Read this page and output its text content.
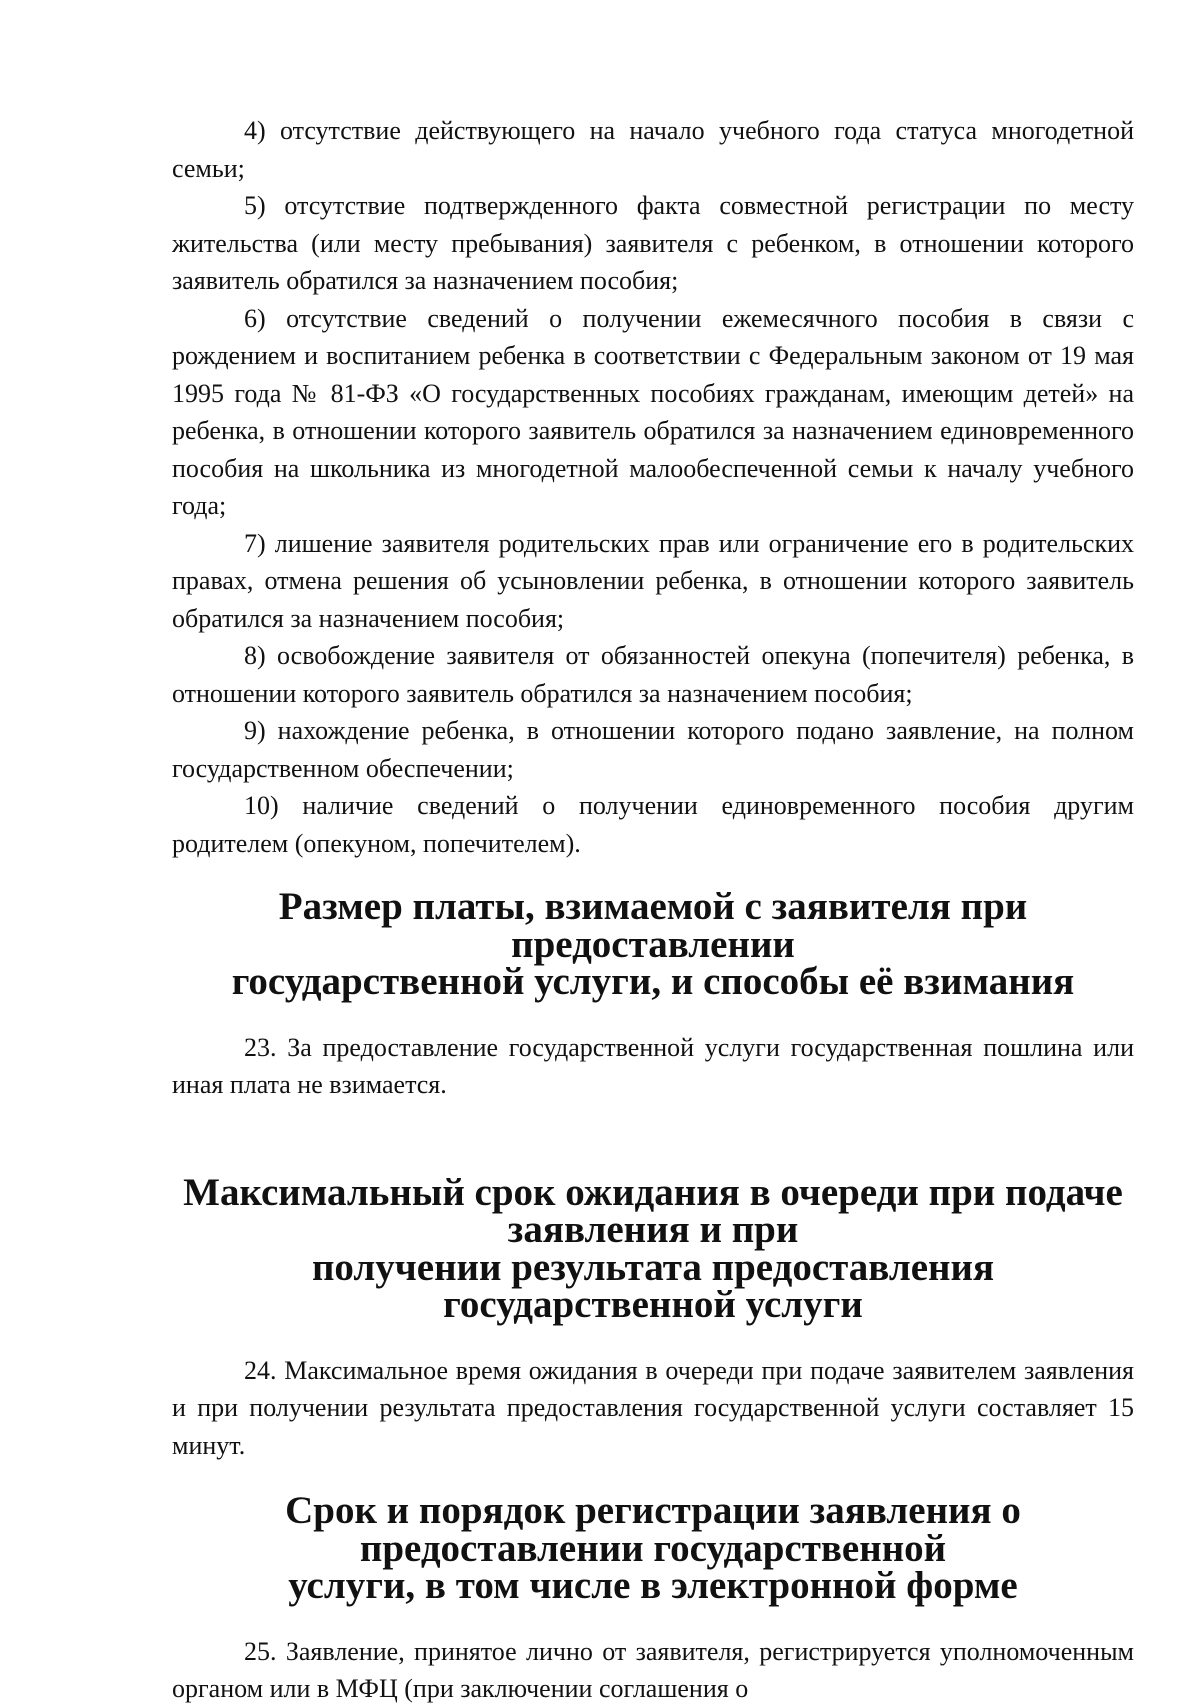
4) отсутствие действующего на начало учебного года статуса многодетной семьи;

5) отсутствие подтвержденного факта совместной регистрации по месту жительства (или месту пребывания) заявителя с ребенком, в отношении которого заявитель обратился за назначением пособия;

6) отсутствие сведений о получении ежемесячного пособия в связи с рождением и воспитанием ребенка в соответствии с Федеральным законом от 19 мая 1995 года № 81-ФЗ «О государственных пособиях гражданам, имеющим детей» на ребенка, в отношении которого заявитель обратился за назначением единовременного пособия на школьника из многодетной малообеспеченной семьи к началу учебного года;

7) лишение заявителя родительских прав или ограничение его в родительских правах, отмена решения об усыновлении ребенка, в отношении которого заявитель обратился за назначением пособия;

8) освобождение заявителя от обязанностей опекуна (попечителя) ребенка, в отношении которого заявитель обратился за назначением пособия;

9) нахождение ребенка, в отношении которого подано заявление, на полном государственном обеспечении;

10) наличие сведений о получении единовременного пособия другим родителем (опекуном, попечителем).

Размер платы, взимаемой с заявителя при предоставлении
государственной услуги, и способы её взимания

23. За предоставление государственной услуги государственная пошлина или иная плата не взимается.

Максимальный срок ожидания в очереди при подаче заявления и при
получении результата предоставления государственной услуги

24. Максимальное время ожидания в очереди при подаче заявителем заявления и при получении результата предоставления государственной услуги составляет 15 минут.

Срок и порядок регистрации заявления о предоставлении государственной
услуги, в том числе в электронной форме

25. Заявление, принятое лично от заявителя, регистрируется уполномоченным органом или в МФЦ (при заключении соглашения о
